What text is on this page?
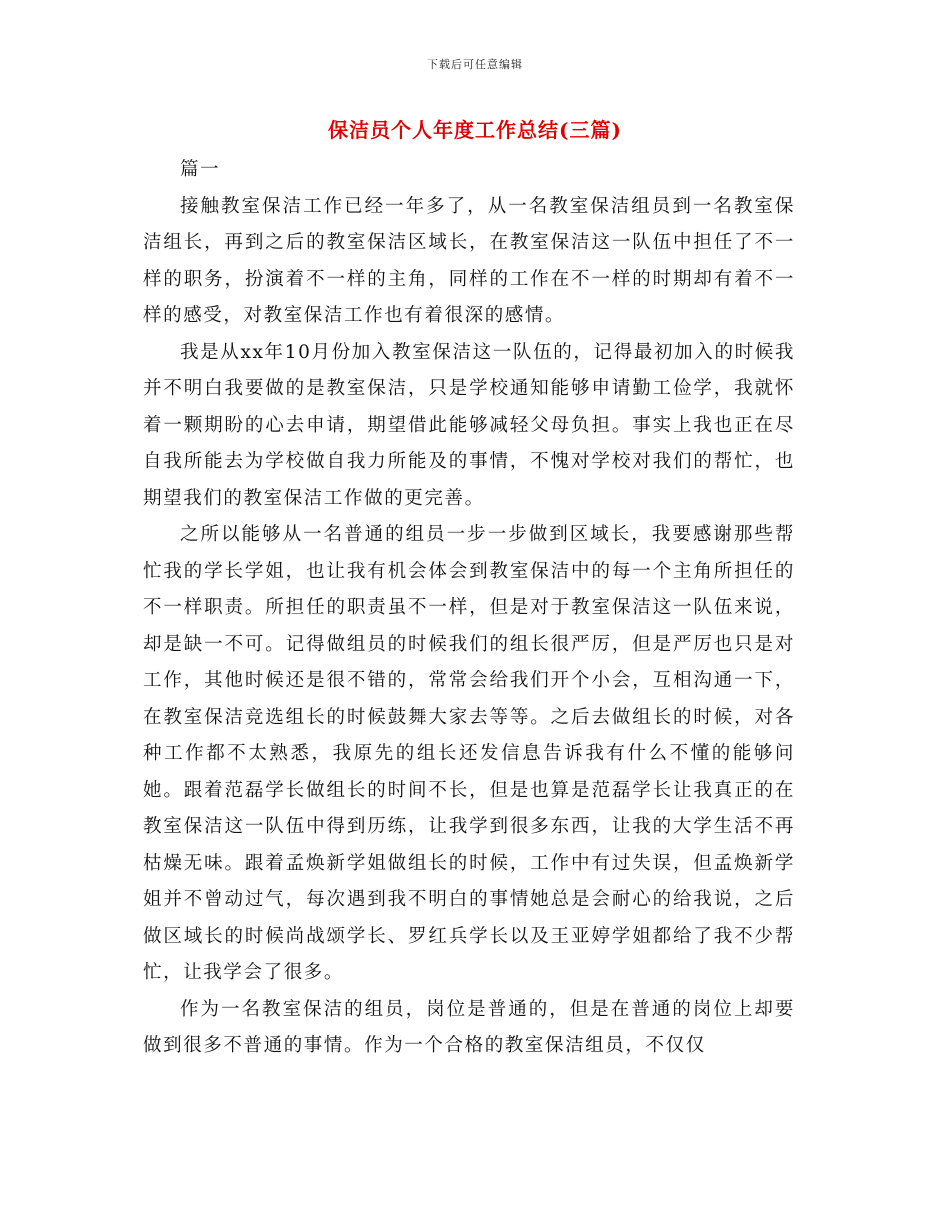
下载后可任意编辑
保洁员个人年度工作总结(三篇)

篇一

接触教室保洁工作已经一年多了，从一名教室保洁组员到一名教室保洁组长，再到之后的教室保洁区域长，在教室保洁这一队伍中担任了不一样的职务，扮演着不一样的主角，同样的工作在不一样的时期却有着不一样的感受，对教室保洁工作也有着很深的感情。

我是从xx年10月份加入教室保洁这一队伍的，记得最初加入的时候我并不明白我要做的是教室保洁，只是学校通知能够申请勤工俭学，我就怀着一颗期盼的心去申请，期望借此能够减轻父母负担。事实上我也正在尽自我所能去为学校做自我力所能及的事情，不愧对学校对我们的帮忙，也期望我们的教室保洁工作做的更完善。

之所以能够从一名普通的组员一步一步做到区域长，我要感谢那些帮忙我的学长学姐，也让我有机会体会到教室保洁中的每一个主角所担任的不一样职责。所担任的职责虽不一样，但是对于教室保洁这一队伍来说，却是缺一不可。记得做组员的时候我们的组长很严厉，但是严厉也只是对工作，其他时候还是很不错的，常常会给我们开个小会，互相沟通一下，在教室保洁竞选组长的时候鼓舞大家去等等。之后去做组长的时候，对各种工作都不太熟悉，我原先的组长还发信息告诉我有什么不懂的能够问她。跟着范磊学长做组长的时间不长，但是也算是范磊学长让我真正的在教室保洁这一队伍中得到历练，让我学到很多东西，让我的大学生活不再枯燥无味。跟着孟焕新学姐做组长的时候，工作中有过失误，但孟焕新学姐并不曾动过气，每次遇到我不明白的事情她总是会耐心的给我说，之后做区域长的时候尚战颂学长、罗红兵学长以及王亚婷学姐都给了我不少帮忙，让我学会了很多。

作为一名教室保洁的组员，岗位是普通的，但是在普通的岗位上却要做到很多不普通的事情。作为一个合格的教室保洁组员，不仅仅
